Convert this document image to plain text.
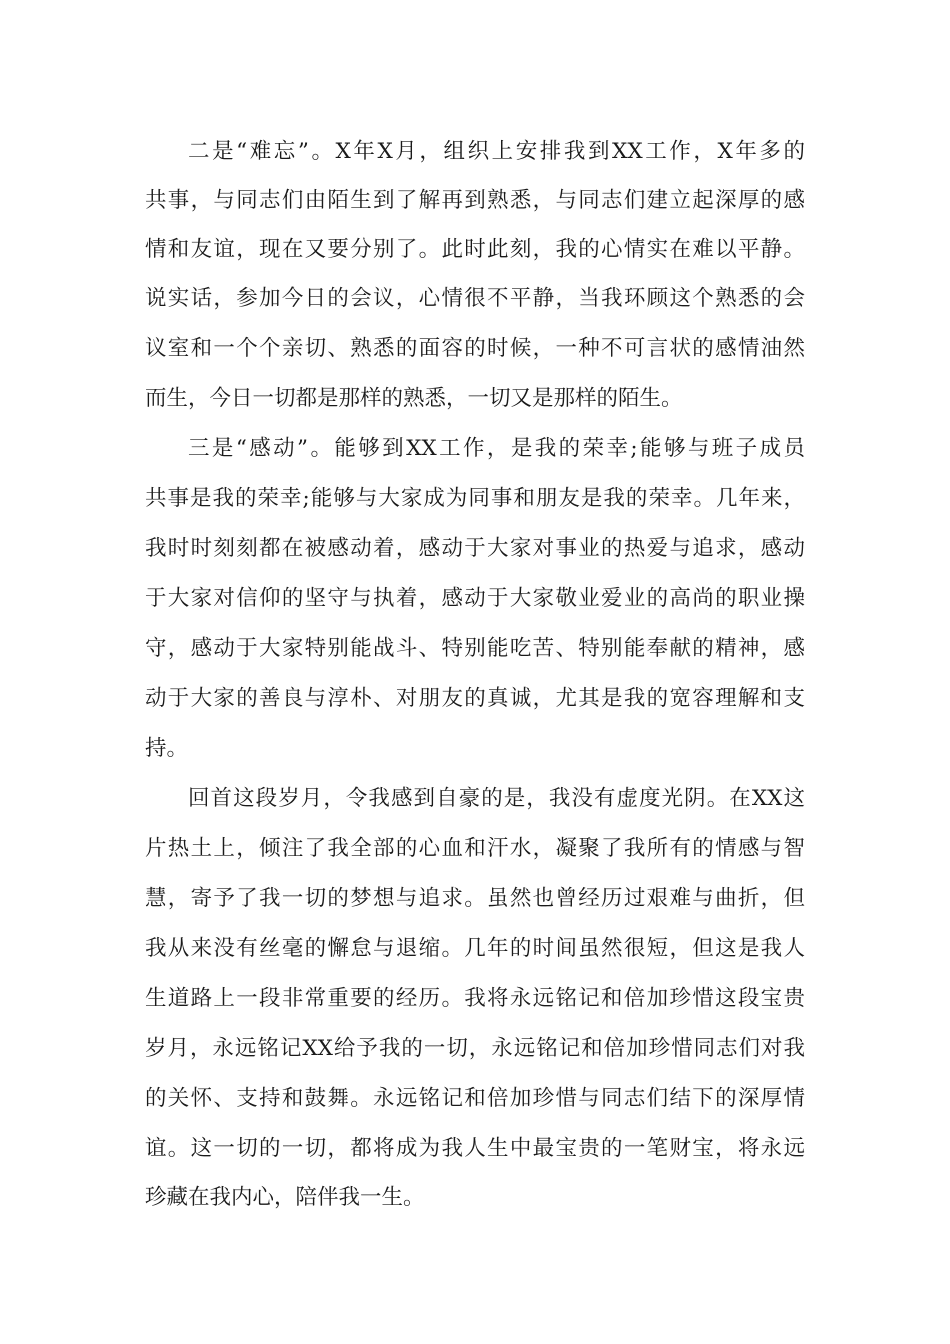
二是“难忘”。X年X月，组织上安排我到XX工作，X年多的

共事，与同志们由陌生到了解再到熟悉，与同志们建立起深厚的感

情和友谊，现在又要分别了。此时此刻，我的心情实在难以平静。

说实话，参加今日的会议，心情很不平静，当我环顾这个熟悉的会

议室和一个个亲切、熟悉的面容的时候，一种不可言状的感情油然

而生，今日一切都是那样的熟悉，一切又是那样的陌生。

三是“感动”。能够到XX工作，是我的荣幸;能够与班子成员

共事是我的荣幸;能够与大家成为同事和朋友是我的荣幸。几年来，

我时时刻刻都在被感动着，感动于大家对事业的热爱与追求，感动

于大家对信仰的坚守与执着，感动于大家敬业爱业的高尚的职业操

守，感动于大家特别能战斗、特别能吃苦、特别能奉献的精神，感

动于大家的善良与淳朴、对朋友的真诚，尤其是我的宽容理解和支

持。

回首这段岁月，令我感到自豪的是，我没有虚度光阴。在XX这

片热土上，倾注了我全部的心血和汗水，凝聚了我所有的情感与智

慧，寄予了我一切的梦想与追求。虽然也曾经历过艰难与曲折，但

我从来没有丝毫的懈怠与退缩。几年的时间虽然很短，但这是我人

生道路上一段非常重要的经历。我将永远铭记和倍加珍惜这段宝贵

岁月，永远铭记XX给予我的一切，永远铭记和倍加珍惜同志们对我

的关怀、支持和鼓舞。永远铭记和倍加珍惜与同志们结下的深厚情

谊。这一切的一切，都将成为我人生中最宝贵的一笔财宝，将永远

珍藏在我内心，陪伴我一生。
